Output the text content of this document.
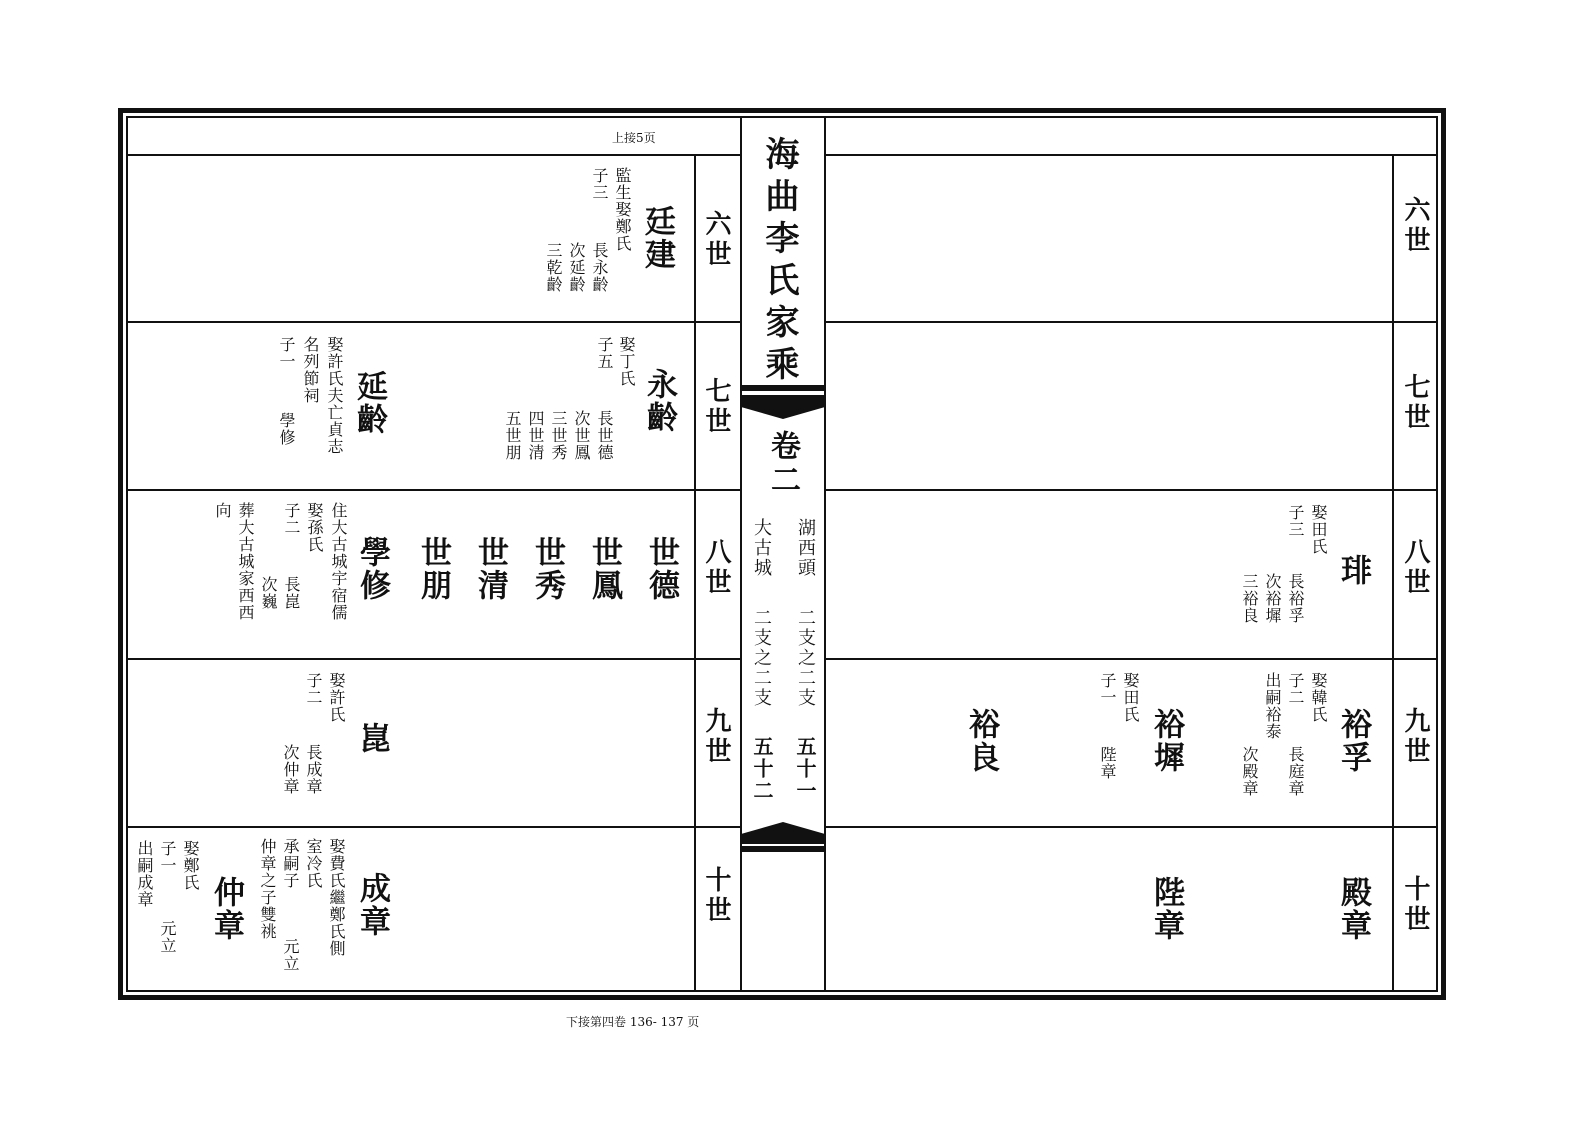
海曲李氏家乘
卷二
湖西頭
二支之二支
五十一
大古城
二支之二支
五十二
上接5页
六世
七世
八世
九世
十世
廷建
監生娶鄭氏
子三
長永齡
次延齡
三乾齡
永齡
娶丁氏
子五
長世德
次世鳳
三世秀
四世清
五世朋
延齡
娶許氏夫亡貞志
名列節祠
子一
學修
世德
世鳳
世秀
世清
世朋
學修
住大古城宇宿儒
娶孫氏
子二
長崑
次巍
葬大古城家西西
向
崑
娶許氏
子二
長成章
次仲章
成章
娶費氏繼鄭氏側
室冷氏
承嗣子
元立
仲章之子雙祧
仲章
娶鄭氏
子一
元立
出嗣成章
六世
七世
八世
九世
十世
琲
娶田氏
子三
長裕孚
次裕墀
三裕良
裕孚
娶韓氏
子二
出嗣裕泰
長庭章
次殿章
裕墀
娶田氏
子一
陛章
裕良
殿章
陛章
下接第四卷 136- 137 页
